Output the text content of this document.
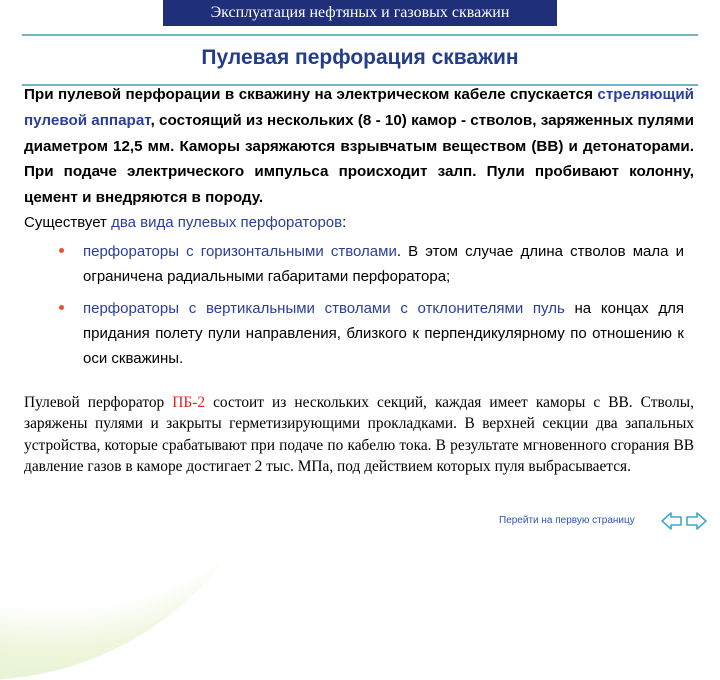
Эксплуатация нефтяных и газовых скважин
Пулевая перфорация скважин

При пулевой перфорации в скважину на электрическом кабеле спускается стреляющий пулевой аппарат, состоящий из нескольких (8 - 10) камор - стволов, заряженных пулями диаметром 12,5 мм. Каморы заряжаются взрывчатым веществом (ВВ) и детонаторами. При подаче электрического импульса происходит залп. Пули пробивают колонну, цемент и внедряются в породу.

Существует два вида пулевых перфораторов:

перфораторы с горизонтальными стволами. В этом случае длина стволов мала и ограничена радиальными габаритами перфоратора;
перфораторы с вертикальными стволами с отклонителями пуль на концах для придания полету пули направления, близкого к перпендикулярному по отношению к оси скважины.

Пулевой перфоратор ПБ-2 состоит из нескольких секций, каждая имеет каморы с ВВ. Стволы, заряжены пулями и закрыты герметизирующими прокладками. В верхней секции два запальных устройства, которые срабатывают при подаче по кабелю тока. В результате мгновенного сгорания ВВ давление газов в каморе достигает 2 тыс. МПа, под действием которых пуля выбрасывается.

Перейти на первую страницу
